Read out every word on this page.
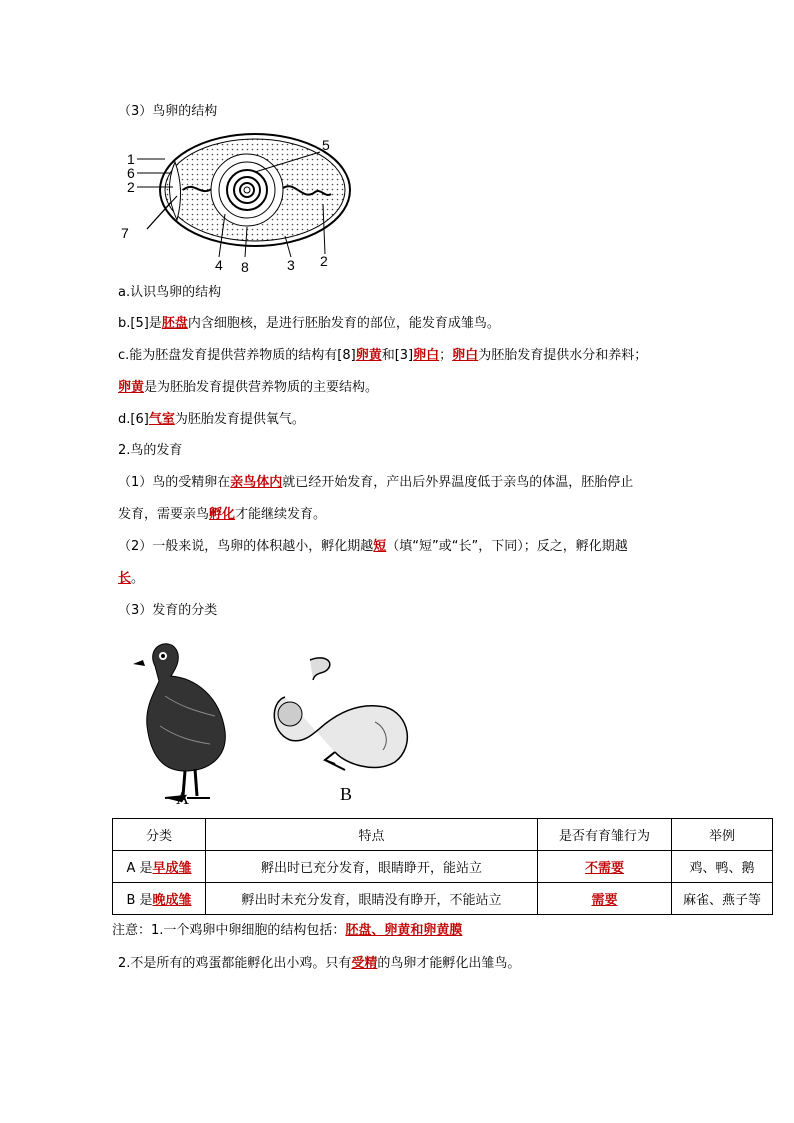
（3）鸟卵的结构
1
6
2
7
5
4 8	3 2
a.认识鸟卵的结构
b.[5]是胚盘内含细胞核，是进行胚胎发育的部位，能发育成雏鸟。
c.能为胚盘发育提供营养物质的结构有[8]卵黄和[3]卵白；卵白为胚胎发育提供水分和养料；
卵黄是为胚胎发育提供营养物质的主要结构。
d.[6]气室为胚胎发育提供氧气。
2.鸟的发育
（1）鸟的受精卵在亲鸟体内就已经开始发育，产出后外界温度低于亲鸟的体温，胚胎停止
发育，需要亲鸟孵化才能继续发育。
（2）一般来说，鸟卵的体积越小，孵化期越短（填“短”或“长”，下同）；反之，孵化期越
长。
（3）发育的分类
A	B
分类	特点	是否有育雏行为	举例
A 是早成雏	孵出时已充分发育，眼睛睁开，能站立	不需要	鸡、鸭、鹅
B 是晚成雏	孵出时未充分发育，眼睛没有睁开，不能站立	需要	麻雀、燕子等
注意：1.一个鸡卵中卵细胞的结构包括：胚盘、卵黄和卵黄膜
2.不是所有的鸡蛋都能孵化出小鸡。只有受精的鸟卵才能孵化出雏鸟。
